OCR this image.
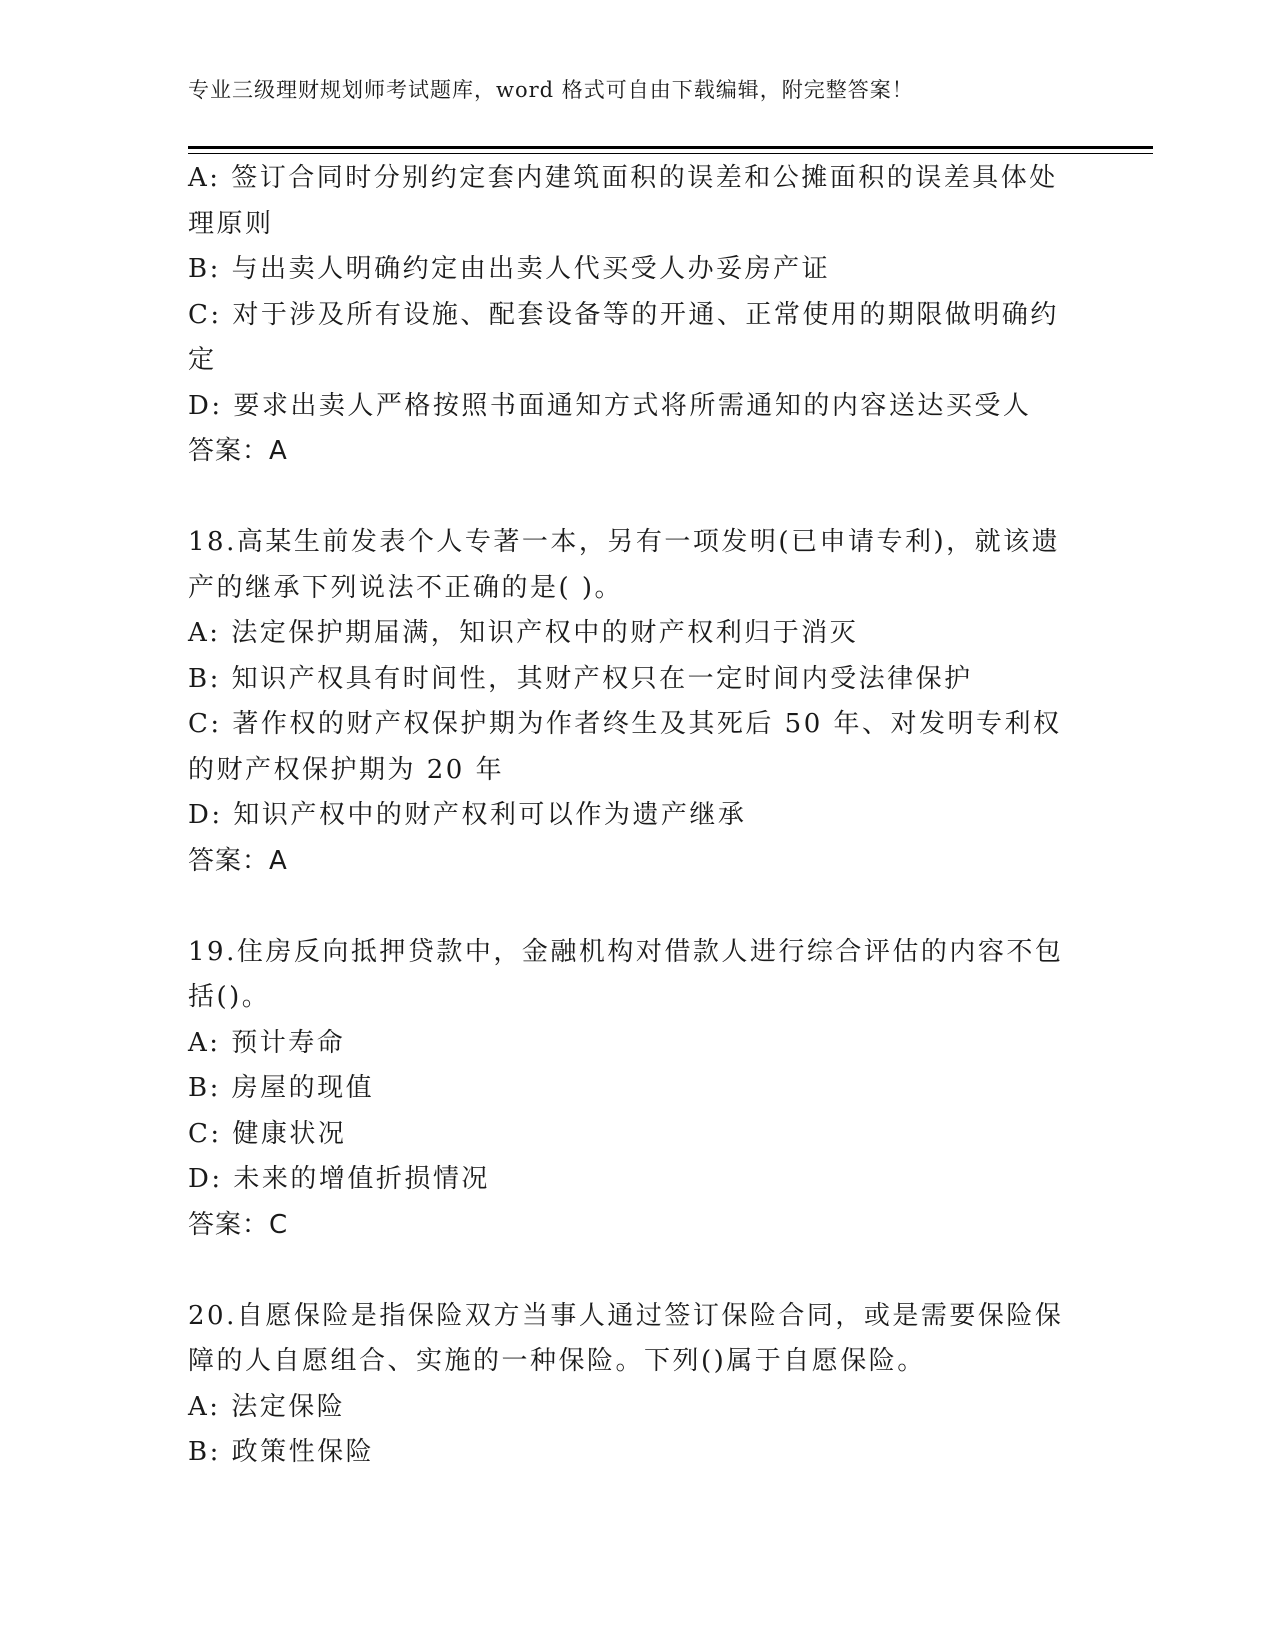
专业三级理财规划师考试题库，word 格式可自由下载编辑，附完整答案！
A: 签订合同时分别约定套内建筑面积的误差和公摊面积的误差具体处
理原则
B: 与出卖人明确约定由出卖人代买受人办妥房产证
C: 对于涉及所有设施、配套设备等的开通、正常使用的期限做明确约
定
D: 要求出卖人严格按照书面通知方式将所需通知的内容送达买受人
答案：A
18.高某生前发表个人专著一本，另有一项发明(已申请专利)，就该遗
产的继承下列说法不正确的是( )。
A: 法定保护期届满，知识产权中的财产权利归于消灭
B: 知识产权具有时间性，其财产权只在一定时间内受法律保护
C: 著作权的财产权保护期为作者终生及其死后 50 年、对发明专利权
的财产权保护期为 20 年
D: 知识产权中的财产权利可以作为遗产继承
答案：A
19.住房反向抵押贷款中，金融机构对借款人进行综合评估的内容不包
括()。
A: 预计寿命
B: 房屋的现值
C: 健康状况
D: 未来的增值折损情况
答案：C
20.自愿保险是指保险双方当事人通过签订保险合同，或是需要保险保
障的人自愿组合、实施的一种保险。下列()属于自愿保险。
A: 法定保险
B: 政策性保险
